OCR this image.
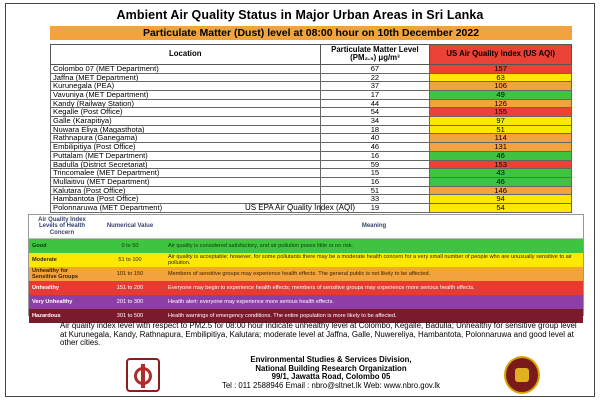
Ambient Air Quality Status in Major Urban Areas in Sri Lanka
Particulate Matter (Dust) level at 08:00 hour on 10th December 2022
Location	Particulate Matter Level (PM₂.₅) μg/m³	US Air Quality index (US AQI)
Colombo 07 (MET Department)	67	157
Jaffna (MET Department)	22	63
Kurunegala (PEA)	37	106
Vavuniya (MET Department)	17	49
Kandy (Railway Station)	44	126
Kegalle (Post Office)	54	155
Galle (Karapitiya)	34	97
Nuwara Eliya (Magasthota)	18	51
Rathnapura (Ganegama)	40	114
Embilipitiya (Post Office)	46	131
Puttalam (MET Department)	16	46
Badulla (District Secretariat)	59	153
Trincomalee (MET Department)	15	43
Mullaitivu (MET Department)	16	46
Kalutara (Post Office)	51	146
Hambantota (Post Office)	33	94
Polonnaruwa (MET Department)	19	54
US EPA Air Quality Index (AQI)
Air Quality Index Levels of Health Concern	Numerical Value	Meaning
Good	0 to 50	Air quality is considered satisfactory, and air pollution poses little or no risk.
Moderate	51 to 100	Air quality is acceptable; however, for some pollutants there may be a moderate health concern for a very small number of people who are unusually sensitive to air pollution.
Unhealthy for Sensitive Groups	101 to 150	Members of sensitive groups may experience health effects. The general public is not likely to be affected.
Unhealthy	151 to 200	Everyone may begin to experience health effects; members of sensitive groups may experience more serious health effects.
Very Unhealthy	201 to 300	Health alert: everyone may experience more serious health effects.
Hazardous	301 to 500	Health warnings of emergency conditions. The entire population is more likely to be affected.
Air quality index level with respect to PM2.5 for 08:00 hour indicate unhealthy level at Colombo, Kegalle, Badulla; Unhealthy for sensitive group level at Kurunegala, Kandy, Rathnapura, Embilipitiya, Kalutara; moderate level at Jaffna, Galle, Nuwereliya, Hambantota, Polonnaruwa and good level at other cities.
Environmental Studies & Services Division,
National Building Research Organization
99/1, Jawatta Road, Colombo 05
Tel : 011 2588946 Email : nbro@sltnet.lk Web: www.nbro.gov.lk
